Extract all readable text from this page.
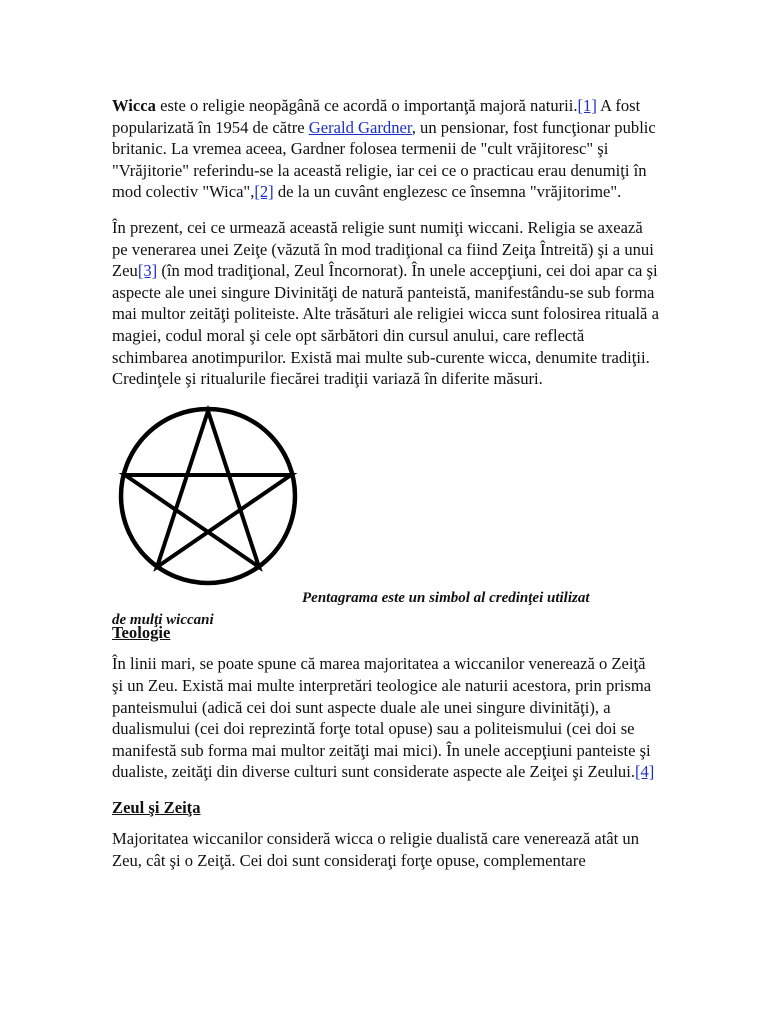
Wicca este o religie neopăgână ce acordă o importanţă majoră naturii.[1] A fost popularizată în 1954 de către Gerald Gardner, un pensionar, fost funcţionar public britanic. La vremea aceea, Gardner folosea termenii de "cult vrăjitoresc" şi "Vrăjitorie" referindu-se la această religie, iar cei ce o practicau erau denumiţi în mod colectiv "Wica",[2] de la un cuvânt englezesc ce însemna "vrăjitorime".

În prezent, cei ce urmează această religie sunt numiţi wiccani. Religia se axează pe venerarea unei Zeiţe (văzută în mod tradiţional ca fiind Zeiţa Întreită) şi a unui Zeu[3] (în mod tradiţional, Zeul Încornorat). În unele accepţiuni, cei doi apar ca şi aspecte ale unei singure Divinităţi de natură panteistă, manifestându-se sub forma mai multor zeităţi politeiste. Alte trăsături ale religiei wicca sunt folosirea rituală a magiei, codul moral şi cele opt sărbători din cursul anului, care reflectă schimbarea anotimpurilor. Există mai multe sub-curente wicca, denumite tradiţii. Credinţele şi ritualurile fiecărei tradiţii variază în diferite măsuri.

Pentagrama este un simbol al credinţei utilizat
de mulţi wiccani
Teologie

În linii mari, se poate spune că marea majoritatea a wiccanilor venerează o Zeiţă şi un Zeu. Există mai multe interpretări teologice ale naturii acestora, prin prisma panteismului (adică cei doi sunt aspecte duale ale unei singure divinităţi), a dualismului (cei doi reprezintă forţe total opuse) sau a politeismului (cei doi se manifestă sub forma mai multor zeităţi mai mici). În unele accepţiuni panteiste şi dualiste, zeităţi din diverse culturi sunt considerate aspecte ale Zeiţei şi Zeului.[4]

Zeul şi Zeiţa

Majoritatea wiccanilor consideră wicca o religie dualistă care venerează atât un Zeu, cât şi o Zeiţă. Cei doi sunt consideraţi forţe opuse, complementare
